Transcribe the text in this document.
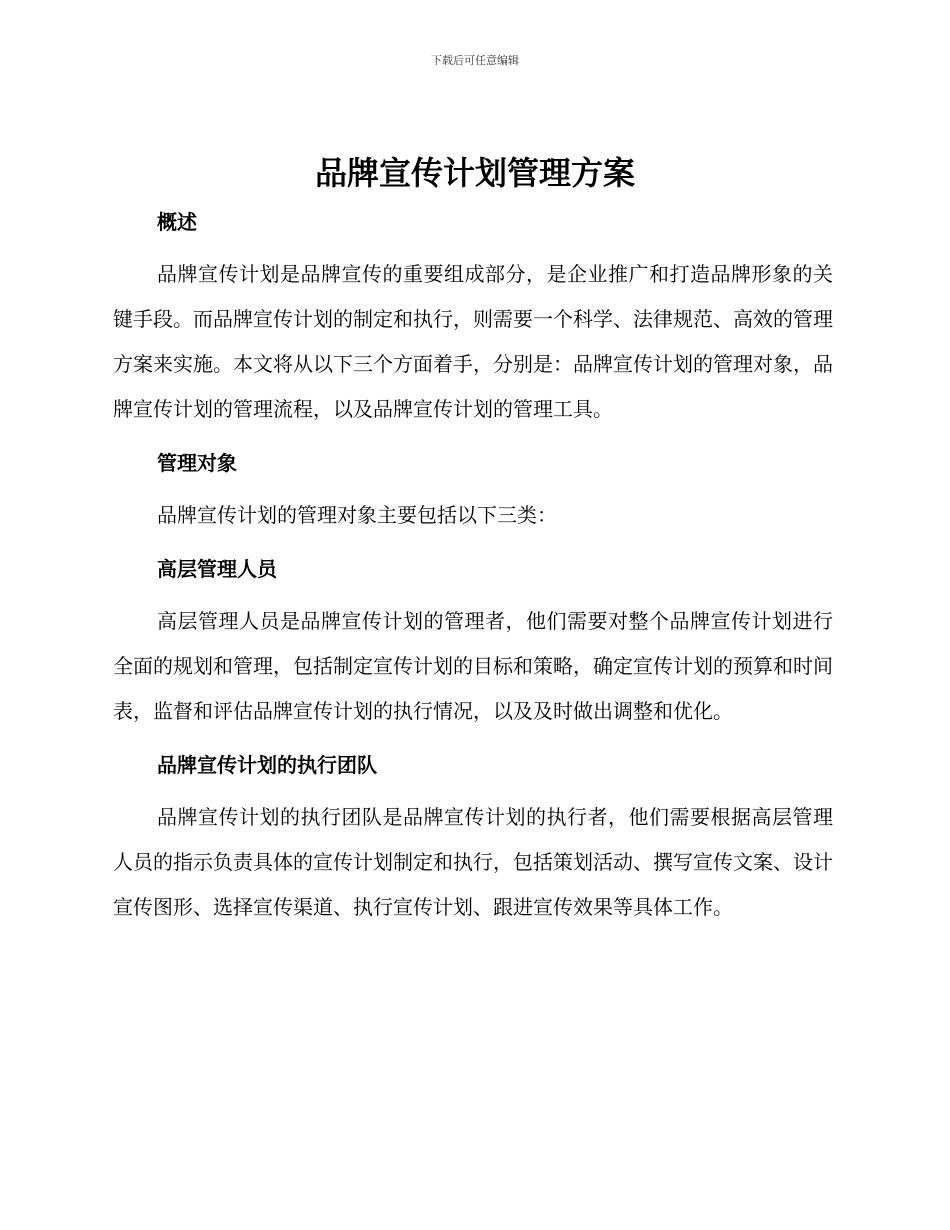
下载后可任意编辑
品牌宣传计划管理方案
概述

品牌宣传计划是品牌宣传的重要组成部分，是企业推广和打造品牌形象的关键手段。而品牌宣传计划的制定和执行，则需要一个科学、法律规范、高效的管理方案来实施。本文将从以下三个方面着手，分别是：品牌宣传计划的管理对象，品牌宣传计划的管理流程，以及品牌宣传计划的管理工具。

管理对象

品牌宣传计划的管理对象主要包括以下三类：

高层管理人员

高层管理人员是品牌宣传计划的管理者，他们需要对整个品牌宣传计划进行全面的规划和管理，包括制定宣传计划的目标和策略，确定宣传计划的预算和时间表，监督和评估品牌宣传计划的执行情况，以及及时做出调整和优化。

品牌宣传计划的执行团队

品牌宣传计划的执行团队是品牌宣传计划的执行者，他们需要根据高层管理人员的指示负责具体的宣传计划制定和执行，包括策划活动、撰写宣传文案、设计宣传图形、选择宣传渠道、执行宣传计划、跟进宣传效果等具体工作。
